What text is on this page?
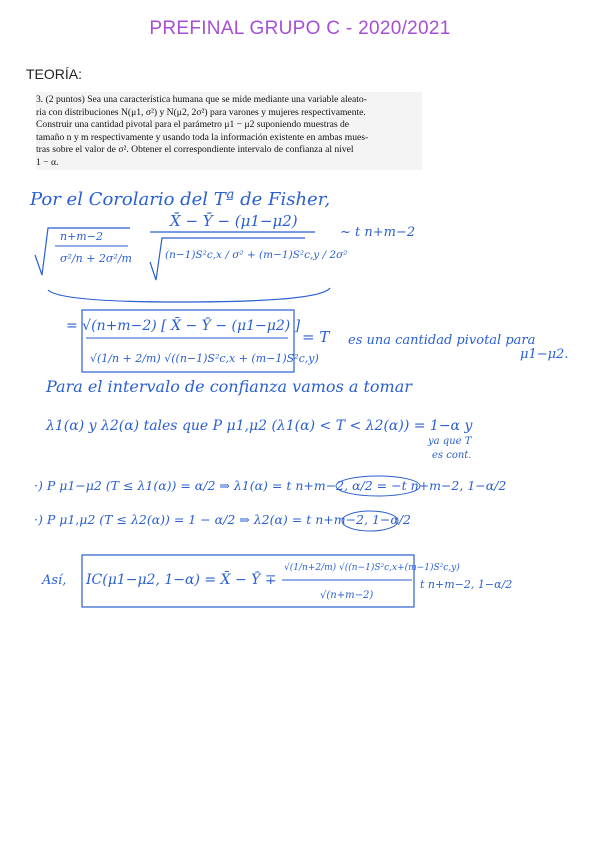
PREFINAL GRUPO C - 2020/2021
TEORÍA:
3. (2 puntos) Sea una característica humana que se mide mediante una variable aleato-
ria con distribuciones N(μ1, σ²) y N(μ2, 2σ²) para varones y mujeres respectivamente.
Construir una cantidad pivotal para el parámetro μ1 − μ2 suponiendo muestras de
tamaño n y m respectivamente y usando toda la información existente en ambas mues-
tras sobre el valor de σ². Obtener el correspondiente intervalo de confianza al nivel
1 − α.
Por el Corolario del Tª de Fisher,
X̄ − Ȳ − (μ1−μ2)
n+m−2
σ²/n + 2σ²/m	(n−1)S²c,x / σ² + (m−1)S²c,y / 2σ²
~ t n+m−2
= √(n+m−2) [ X̄ − Ȳ − (μ1−μ2) ]
√(1/n + 2/m) √((n−1)S²c,x + (m−1)S²c,y)
= T es una cantidad pivotal para
μ1−μ2.
Para el intervalo de confianza vamos a tomar
λ1(α) y λ2(α) tales que P μ1,μ2 (λ1(α) < T < λ2(α)) = 1−α y
ya que T
es cont.
·) P μ1−μ2 (T ≤ λ1(α)) = α/2 ⇒ λ1(α) = t n+m−2, α/2 = −t n+m−2, 1−α/2
·) P μ1,μ2 (T ≤ λ2(α)) = 1 − α/2 ⇒ λ2(α) = t n+m−2, 1−α/2
Así, IC(μ1−μ2, 1−α) = X̄ − Ȳ ∓
√(1/n+2/m) √((n−1)S²c,x+(m−1)S²c,y)
√(n+m−2)
t n+m−2, 1−α/2
